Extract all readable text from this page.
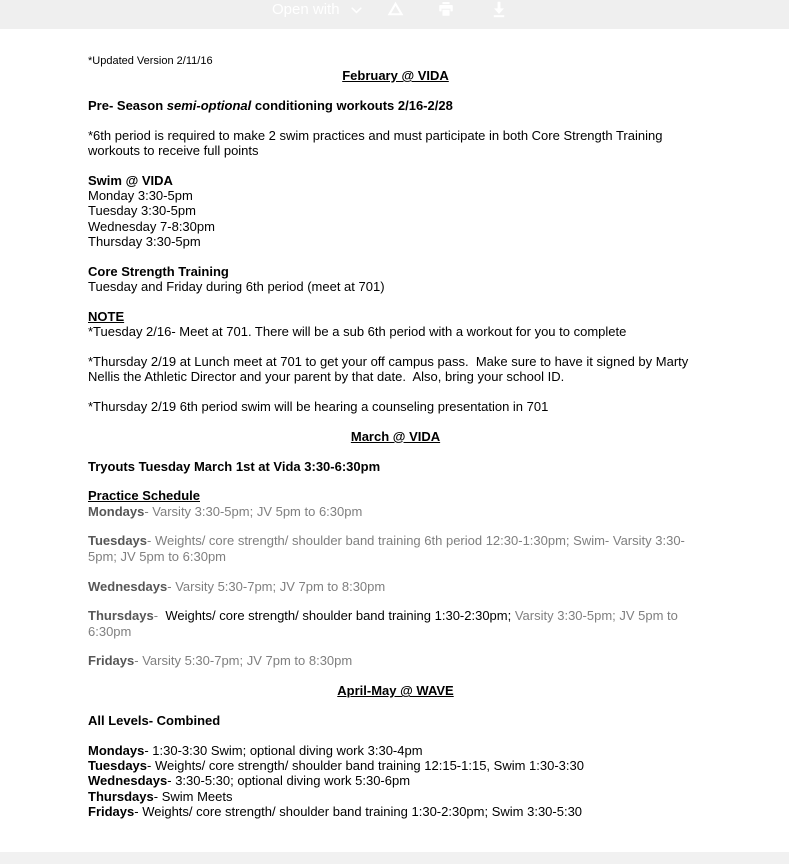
Open with

*Updated Version 2/11/16

February @ VIDA

Pre- Season semi-optional conditioning workouts 2/16-2/28

*6th period is required to make 2 swim practices and must participate in both Core Strength Training workouts to receive full points

Swim @ VIDA

Monday 3:30-5pm

Tuesday 3:30-5pm

Wednesday 7-8:30pm

Thursday 3:30-5pm

Core Strength Training

Tuesday and Friday during 6th period (meet at 701)

NOTE

*Tuesday 2/16- Meet at 701. There will be a sub 6th period with a workout for you to complete

*Thursday 2/19 at Lunch meet at 701 to get your off campus pass.  Make sure to have it signed by Marty Nellis the Athletic Director and your parent by that date.  Also, bring your school ID.

*Thursday 2/19 6th period swim will be hearing a counseling presentation in 701

March @ VIDA

Tryouts Tuesday March 1st at Vida 3:30-6:30pm

Practice Schedule

Mondays- Varsity 3:30-5pm; JV 5pm to 6:30pm

Tuesdays- Weights/ core strength/ shoulder band training 6th period 12:30-1:30pm; Swim- Varsity 3:30-5pm; JV 5pm to 6:30pm

Wednesdays- Varsity 5:30-7pm; JV 7pm to 8:30pm

Thursdays-  Weights/ core strength/ shoulder band training 1:30-2:30pm; Varsity 3:30-5pm; JV 5pm to 6:30pm

Fridays- Varsity 5:30-7pm; JV 7pm to 8:30pm

April-May @ WAVE

All Levels- Combined

Mondays- 1:30-3:30 Swim; optional diving work 3:30-4pm

Tuesdays- Weights/ core strength/ shoulder band training 12:15-1:15, Swim 1:30-3:30

Wednesdays- 3:30-5:30; optional diving work 5:30-6pm

Thursdays- Swim Meets

Fridays- Weights/ core strength/ shoulder band training 1:30-2:30pm; Swim 3:30-5:30
